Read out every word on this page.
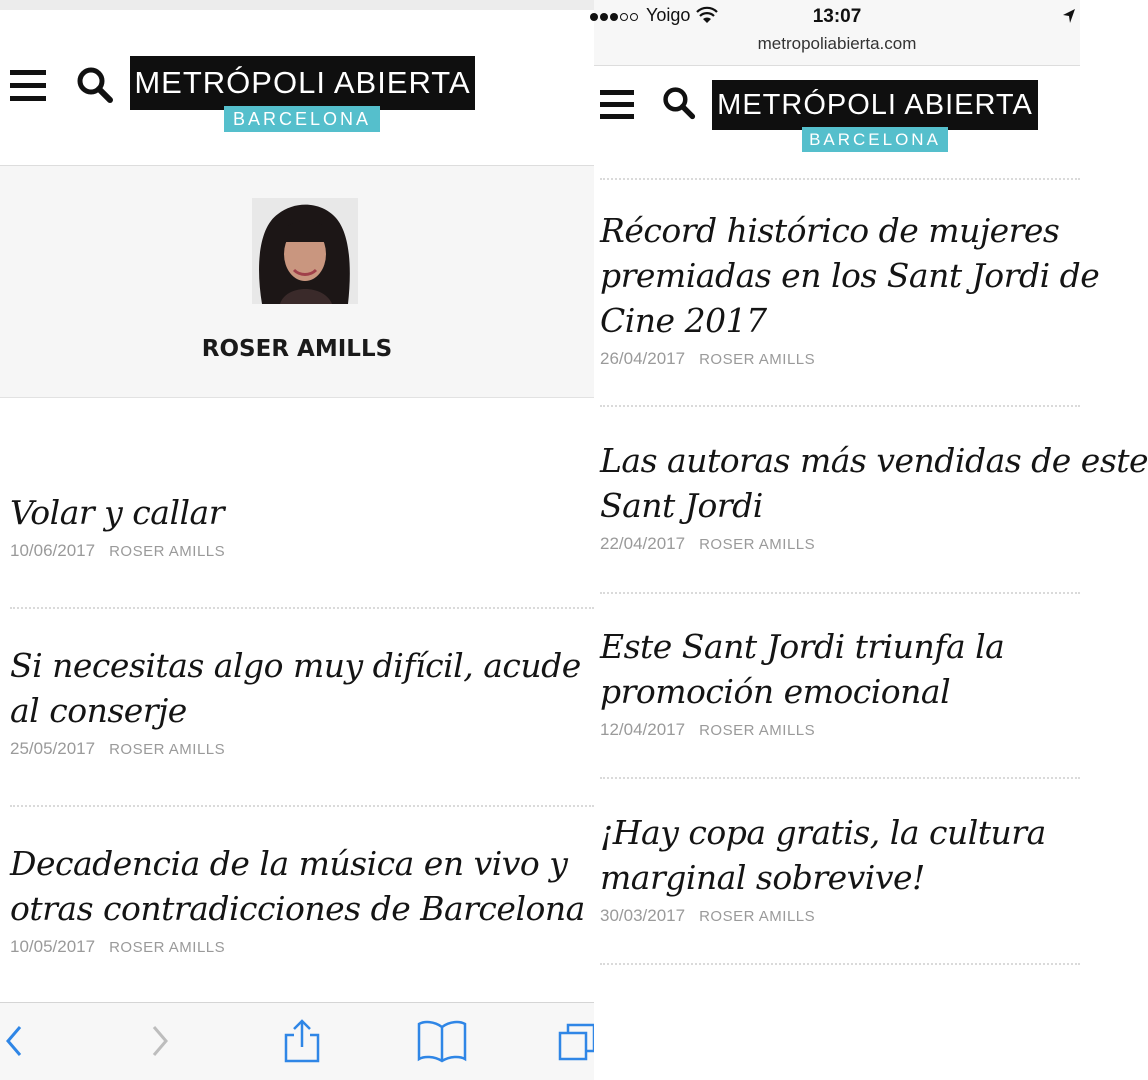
METRÓPOLI ABIERTA
BARCELONA
ROSER AMILLS
Volar y callar
10/06/2017 ROSER AMILLS
Si necesitas algo muy difícil, acude
al conserje
25/05/2017 ROSER AMILLS
Decadencia de la música en vivo y
otras contradicciones de Barcelona
10/05/2017 ROSER AMILLS
Yoigo	13:07
metropoliabierta.com
METRÓPOLI ABIERTA
BARCELONA
Récord histórico de mujeres
premiadas en los Sant Jordi de
Cine 2017
26/04/2017 ROSER AMILLS
Las autoras más vendidas de este
Sant Jordi
22/04/2017 ROSER AMILLS
Este Sant Jordi triunfa la
promoción emocional
12/04/2017 ROSER AMILLS
¡Hay copa gratis, la cultura
marginal sobrevive!
30/03/2017 ROSER AMILLS
